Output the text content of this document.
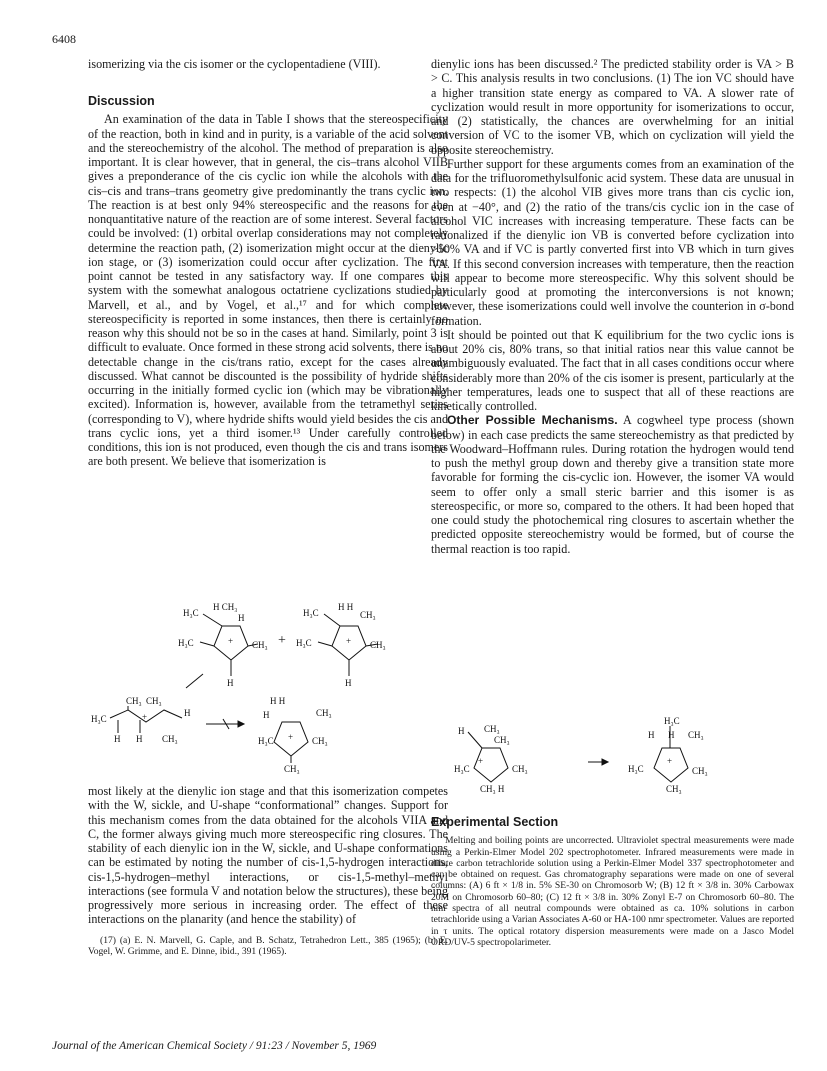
6408

isomerizing via the cis isomer or the cyclopentadiene (VIII).

Discussion

An examination of the data in Table I shows that the stereospecificity of the reaction, both in kind and in purity, is a variable of the acid solvent and the stereochemistry of the alcohol. The method of preparation is also important. It is clear however, that in general, the cis–trans alcohol VIIB gives a preponderance of the cis cyclic ion while the alcohols with the cis–cis and trans–trans geometry give predominantly the trans cyclic ion. The reaction is at best only 94% stereospecific and the reasons for the nonquantitative nature of the reaction are of some interest. Several factors could be involved: (1) orbital overlap considerations may not completely determine the reaction path, (2) isomerization might occur at the dienylic ion stage, or (3) isomerization could occur after cyclization. The first point cannot be tested in any satisfactory way. If one compares this system with the somewhat analogous octatriene cyclizations studied by Marvell, et al., and by Vogel, et al.,¹⁷ and for which complete stereospecificity is reported in some instances, then there is certainly no reason why this should not be so in the cases at hand. Similarly, point 3 is difficult to evaluate. Once formed in these strong acid solvents, there is no detectable change in the cis/trans ratio, except for the cases already discussed. What cannot be discounted is the possibility of hydride shifts occurring in the initially formed cyclic ion (which may be vibrationally excited). Information is, however, available from the tetramethyl series (corresponding to V), where hydride shifts would yield besides the cis and trans cyclic ions, yet a third isomer.¹³ Under carefully controlled conditions, this ion is not produced, even though the cis and trans isomers are both present. We believe that isomerization is

H₃C
H CH₃
H
H₃C	CH₃
+
H
+
H₃C
H H
CH₃
H₃C	CH₃
+
H
CH₃ CH₃
H₃C	+	H
H H CH₃
H H
H	CH₃
+
H₃C	CH₃
CH₃

most likely at the dienylic ion stage and that this isomerization competes with the W, sickle, and U-shape “conformational” changes. Support for this mechanism comes from the data obtained for the alcohols VIIA and C, the former always giving much more stereospecific ring closures. The stability of each dienylic ion in the W, sickle, and U-shape conformations can be estimated by noting the number of cis-1,5-hydrogen interactions, cis-1,5-hydrogen–methyl interactions, or cis-1,5-methyl–methyl interactions (see formula V and notation below the structures), these being progressively more serious in increasing order. The effect of these interactions on the planarity (and hence the stability) of

(17) (a) E. N. Marvell, G. Caple, and B. Schatz, Tetrahedron Lett., 385 (1965); (b) E. Vogel, W. Grimme, and E. Dinne, ibid., 391 (1965).

dienylic ions has been discussed.² The predicted stability order is VA > B > C. This analysis results in two conclusions. (1) The ion VC should have a higher transition state energy as compared to VA. A slower rate of cyclization would result in more opportunity for isomerizations to occur, and (2) statistically, the chances are overwhelming for an initial conversion of VC to the isomer VB, which on cyclization will yield the opposite stereochemistry.

Further support for these arguments comes from an examination of the data for the trifluoromethylsulfonic acid system. These data are unusual in two respects: (1) the alcohol VIB gives more trans than cis cyclic ion, even at −40°, and (2) the ratio of the trans/cis cyclic ion in the case of alcohol VIC increases with increasing temperature. These facts can be rationalized if the dienylic ion VB is converted before cyclization into >50% VA and if VC is partly converted first into VB which in turn gives VA. If this second conversion increases with temperature, then the reaction will appear to become more stereospecific. Why this solvent should be particularly good at promoting the interconversions is not known; however, these isomerizations could well involve the counterion in σ-bond formation.

It should be pointed out that K equilibrium for the two cyclic ions is about 20% cis, 80% trans, so that initial ratios near this value cannot be unambiguously evaluated. The fact that in all cases conditions occur where considerably more than 20% of the cis isomer is present, particularly at the higher temperatures, leads one to suspect that all of these reactions are kinetically controlled.

Other Possible Mechanisms. A cogwheel type process (shown below) in each case predicts the same stereochemistry as that predicted by the Woodward–Hoffmann rules. During rotation the hydrogen would tend to push the methyl group down and thereby give a transition state more favorable for forming the cis-cyclic ion. However, the isomer VA would seem to offer only a small steric barrier and this isomer is as stereospecific, or more so, compared to the others. It had been hoped that one could study the photochemical ring closures to ascertain whether the predicted opposite stereochemistry would be formed, but of course the thermal reaction is too rapid.

H CH₃
CH₃
+
H₃C	CH₃
CH₃ H
H₃C
H H CH₃
+
H₃C	CH₃
CH₃
Experimental Section

Melting and boiling points are uncorrected. Ultraviolet spectral measurements were made using a Perkin-Elmer Model 202 spectrophotometer. Infrared measurements were made in dilute carbon tetrachloride solution using a Perkin-Elmer Model 337 spectrophotometer and can be obtained on request. Gas chromatography separations were made on one of several columns: (A) 6 ft × 1/8 in. 5% SE-30 on Chromosorb W; (B) 12 ft × 3/8 in. 30% Carbowax 20M on Chromosorb 60–80; (C) 12 ft × 3/8 in. 30% Zonyl E-7 on Chromosorb 60–80. The nmr spectra of all neutral compounds were obtained as ca. 10% solutions in carbon tetrachloride using a Varian Associates A-60 or HA-100 nmr spectrometer. Values are reported in τ units. The optical rotatory dispersion measurements were made on a Jasco Model ORD/UV-5 spectropolarimeter.

Journal of the American Chemical Society / 91:23 / November 5, 1969
